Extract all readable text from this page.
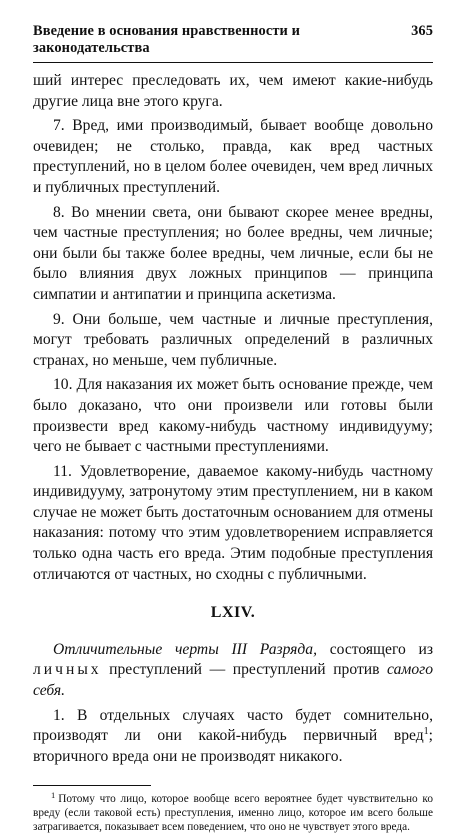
Введение в основания нравственности и законодательства
365

ший интерес преследовать их, чем имеют какие-нибудь другие лица вне этого круга.

7. Вред, ими производимый, бывает вообще довольно очевиден; не столько, правда, как вред частных преступлений, но в целом более очевиден, чем вред личных и публичных преступлений.

8. Во мнении света, они бывают скорее менее вредны, чем частные преступления; но более вредны, чем личные; они были бы также более вредны, чем личные, если бы не было влияния двух ложных принципов — принципа симпатии и антипатии и принципа аскетизма.

9. Они больше, чем частные и личные преступления, могут требовать различных определений в различных странах, но меньше, чем публичные.

10. Для наказания их может быть основание прежде, чем было доказано, что они произвели или готовы были произвести вред какому-нибудь частному индивидууму; чего не бывает с частными преступлениями.

11. Удовлетворение, даваемое какому-нибудь частному индивидууму, затронутому этим преступлением, ни в каком случае не может быть достаточным основанием для отмены наказания: потому что этим удовлетворением исправляется только одна часть его вреда. Этим подобные преступления отличаются от частных, но сходны с публичными.

LXIV.

Отличительные черты III Разряда, состоящего из личных преступлений — преступлений против самого себя.

1. В отдельных случаях часто будет сомнительно, производят ли они какой-нибудь первичный вред$^1$; вторичного вреда они не производят никакого.

$^1$ Потому что лицо, которое вообще всего вероятнее будет чувствительно ко вреду (если таковой есть) преступления, именно лицо, которое им всего больше затрагивается, показывает всем поведением, что оно не чувствует этого вреда.
